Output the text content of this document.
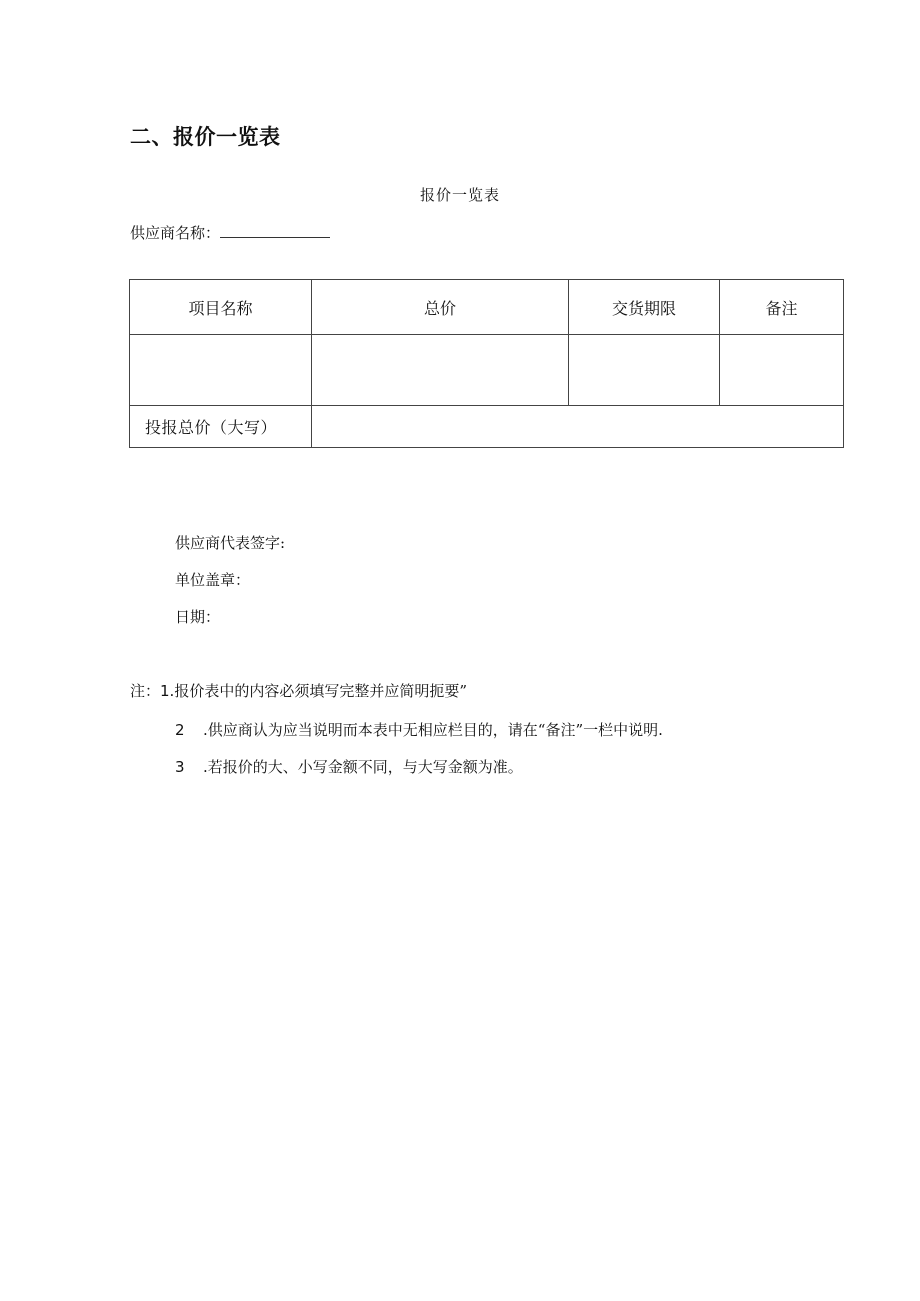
二、报价一览表
报价一览表
供应商名称：
项目名称	总价	交货期限	备注

投报总价（大写）			
供应商代表签字:
单位盖章：
日期：
注：1.报价表中的内容必须填写完整并应简明扼要”
2 .供应商认为应当说明而本表中无相应栏目的，请在“备注”一栏中说明.
3 .若报价的大、小写金额不同，与大写金额为准。
